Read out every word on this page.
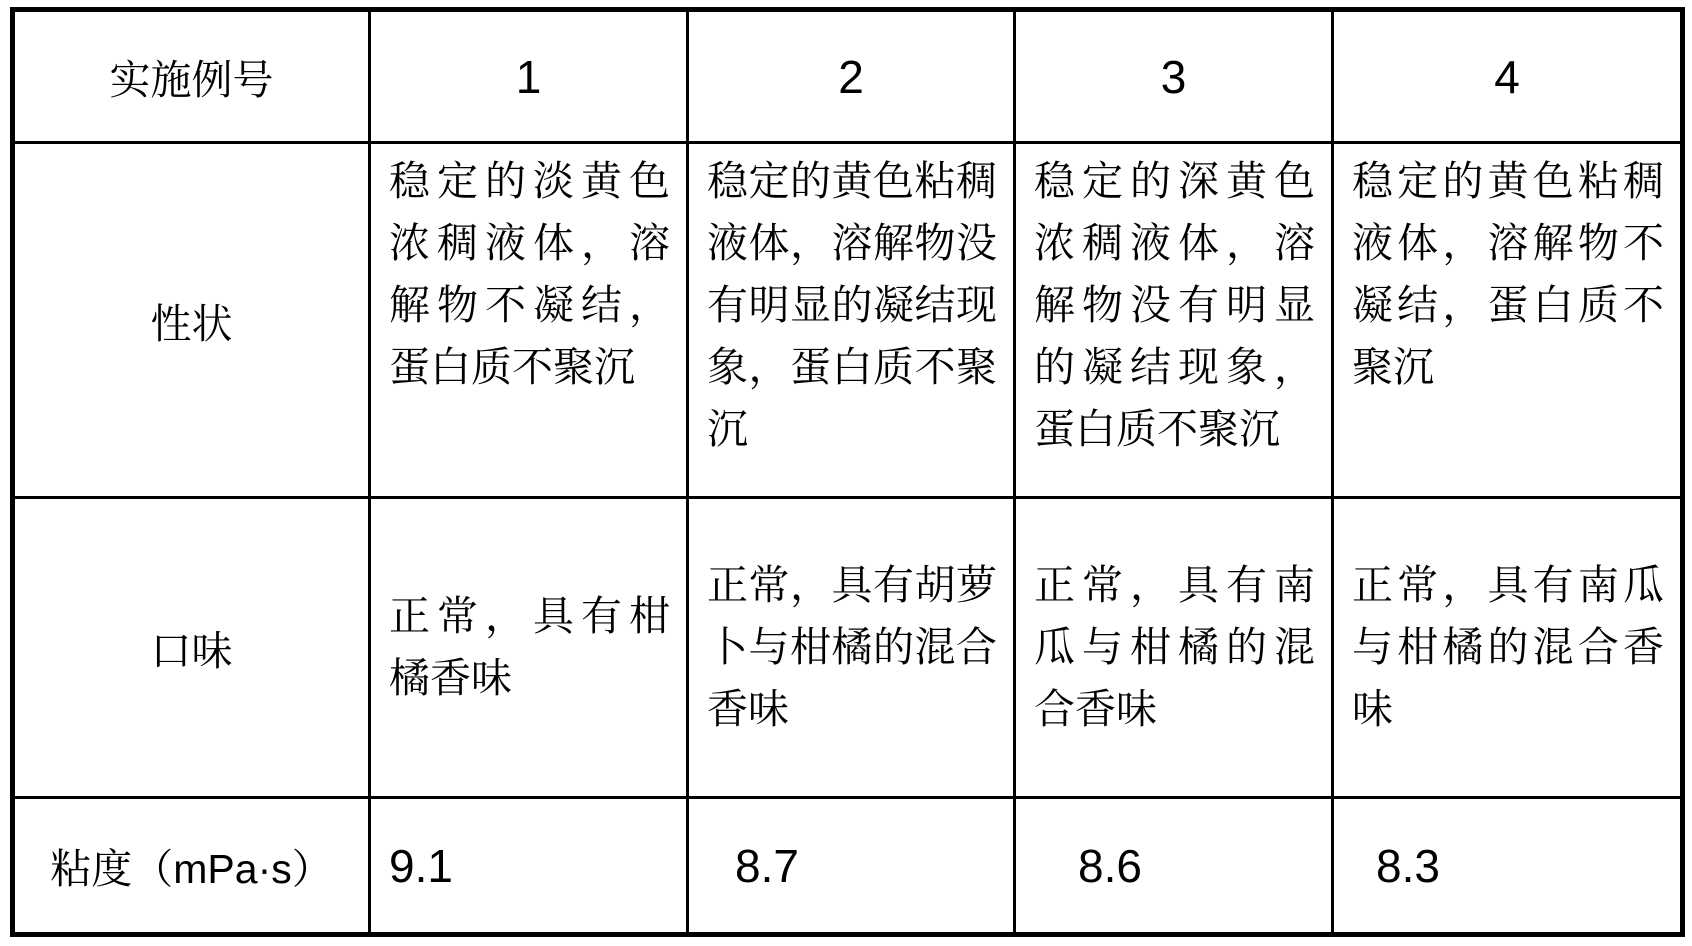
实施例号	1	2	3	4
性状	稳定的淡黄色浓稠液体，溶解物不凝结，蛋白质不聚沉	稳定的黄色粘稠液体，溶解物没有明显的凝结现象，蛋白质不聚沉	稳定的深黄色浓稠液体，溶解物没有明显的凝结现象，蛋白质不聚沉	稳定的黄色粘稠液体，溶解物不凝结，蛋白质不聚沉
口味	正常，具有柑橘香味	正常，具有胡萝卜与柑橘的混合香味	正常，具有南瓜与柑橘的混合香味	正常，具有南瓜与柑橘的混合香味
粘度（mPa·s）	9.1	8.7	8.6	8.3
